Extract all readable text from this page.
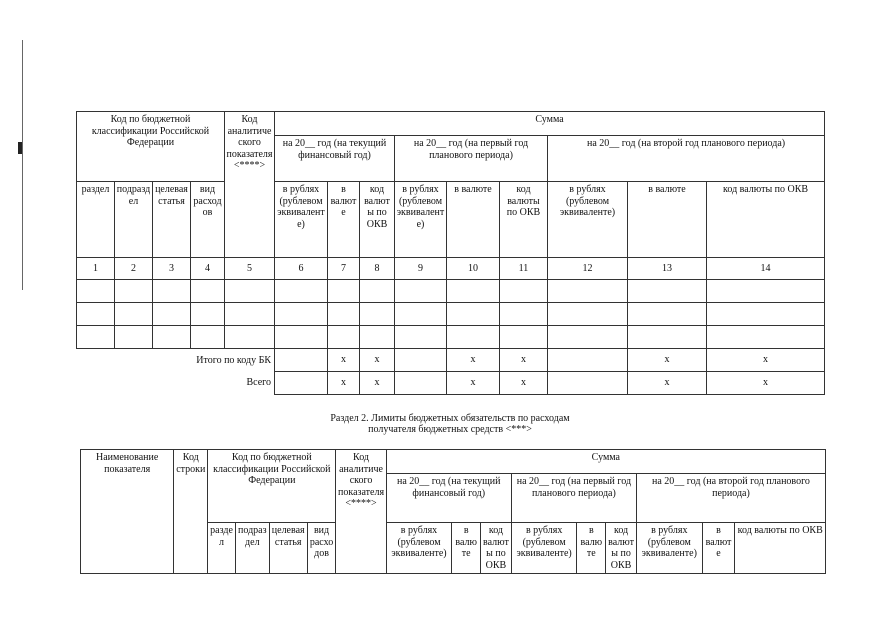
Код по бюджетной классификации Российской Федерации				Код аналитического показателя <****>	Сумма								
					на 20__ год (на текущий финансовый год)			на 20__ год (на первый год планового периода)			на 20__ год (на второй год планового периода)		
раздел	подраздел	целевая статья	вид расходов		в рублях (рублевом эквиваленте)	в валюте	код валюты по ОКВ	в рублях (рублевом эквиваленте)	в валюте	код валюты по ОКВ	в рублях (рублевом эквиваленте)	в валюте	код валюты по ОКВ
1	2	3	4	5	6	7	8	9	10	11	12	13	14

Итого по коду БК						x	x		x	x		x	x
Всего						x	x		x	x		x	x
Раздел 2. Лимиты бюджетных обязательств по расходам
получателя бюджетных средств <***>
Наименование показателя	Код строки	Код по бюджетной классификации Российской Федерации				Код аналитического показателя <****>	Сумма								
							на 20__ год (на текущий финансовый год)			на 20__ год (на первый год планового периода)			на 20__ год (на второй год планового периода)		
		раздел	подраздел	целевая статья	вид расходов		в рублях (рублевом эквиваленте)	в валюте	код валюты по ОКВ	в рублях (рублевом эквиваленте)	в валюте	код валюты по ОКВ	в рублях (рублевом эквиваленте)	в валюте	код валюты по ОКВ
